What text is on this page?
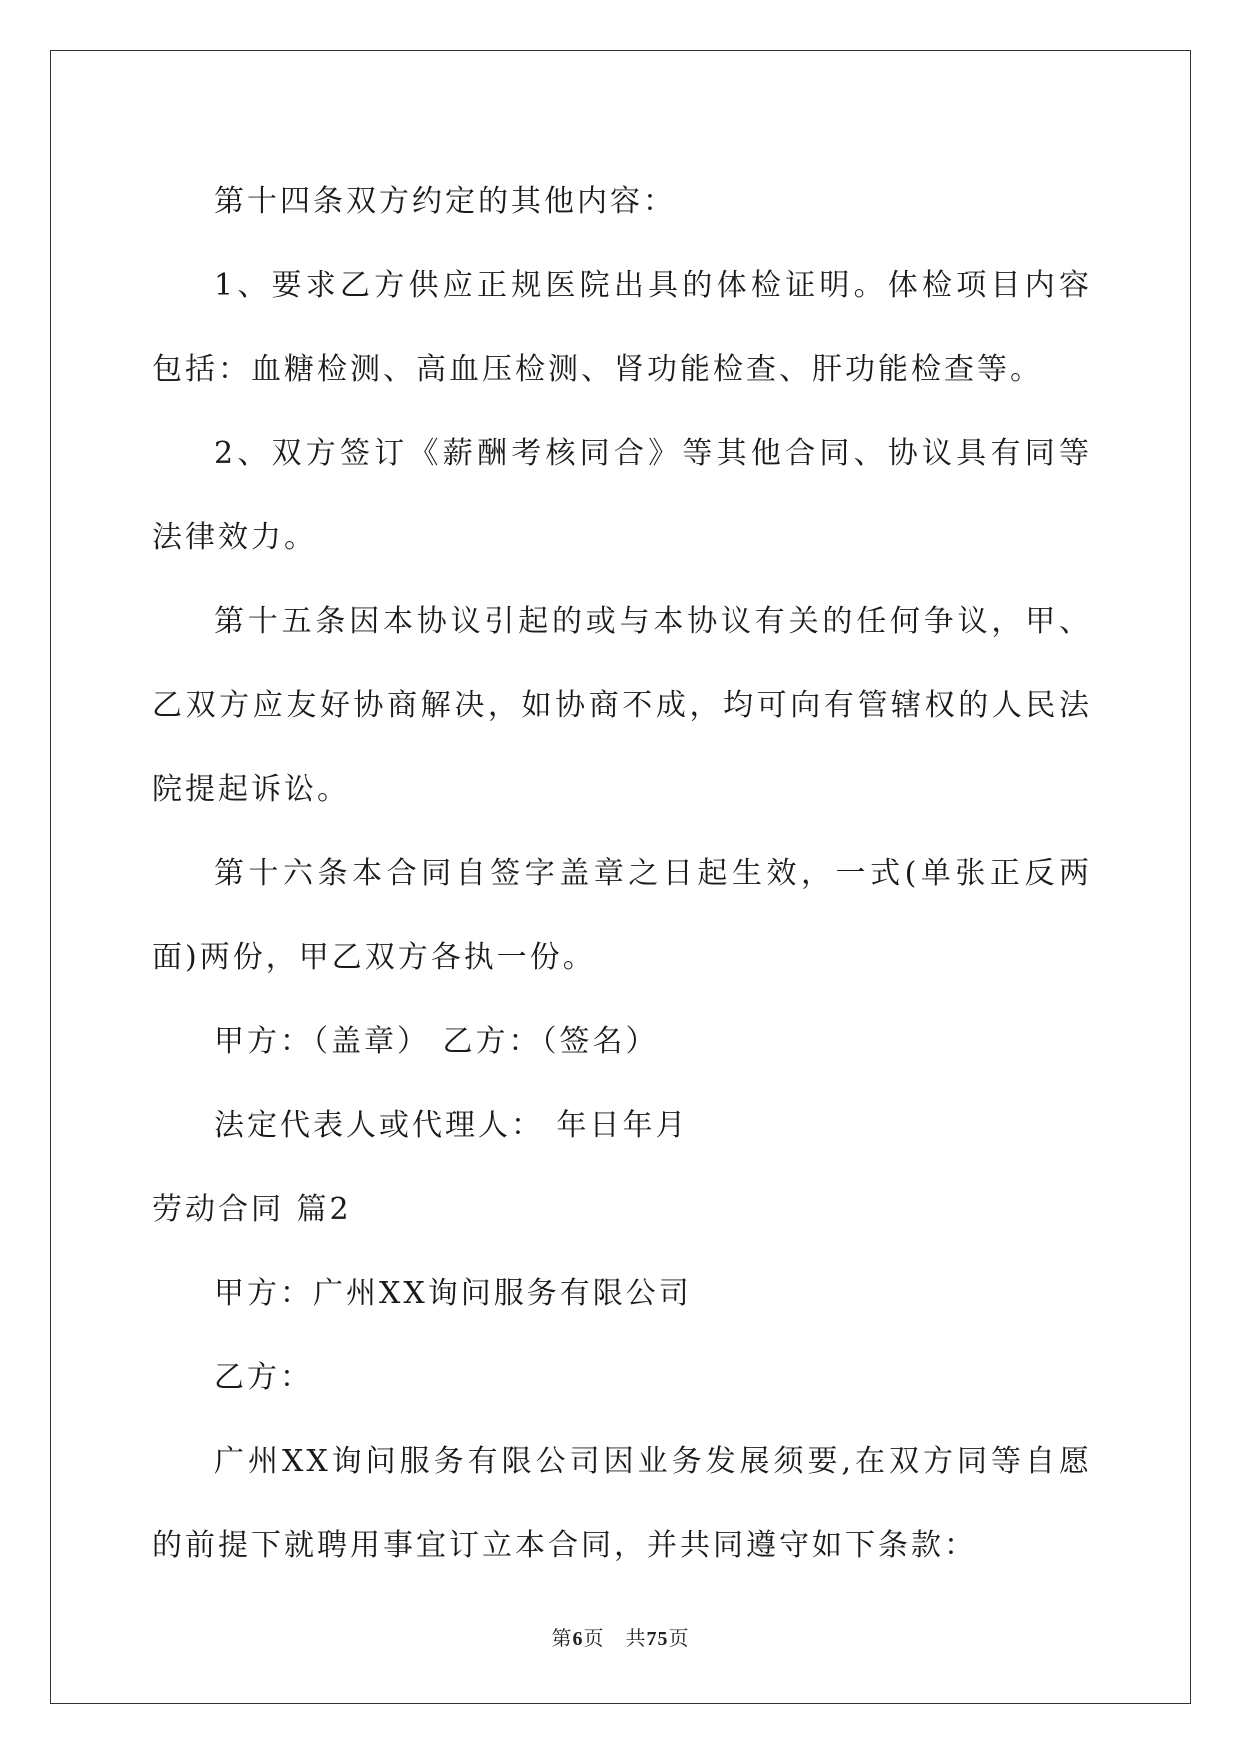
第十四条双方约定的其他内容：

1、要求乙方供应正规医院出具的体检证明。体检项目内容包括：血糖检测、高血压检测、肾功能检查、肝功能检查等。

2、双方签订《薪酬考核同合》等其他合同、协议具有同等法律效力。

第十五条因本协议引起的或与本协议有关的任何争议，甲、乙双方应友好协商解决，如协商不成，均可向有管辖权的人民法院提起诉讼。

第十六条本合同自签字盖章之日起生效，一式(单张正反两面)两份，甲乙双方各执一份。

甲方：（盖章） 乙方：（签名）

法定代表人或代理人： 年日年月

劳动合同 篇2

甲方：广州XX询问服务有限公司

乙方：

广州XX询问服务有限公司因业务发展须要,在双方同等自愿的前提下就聘用事宜订立本合同，并共同遵守如下条款：

第6页　共75页
